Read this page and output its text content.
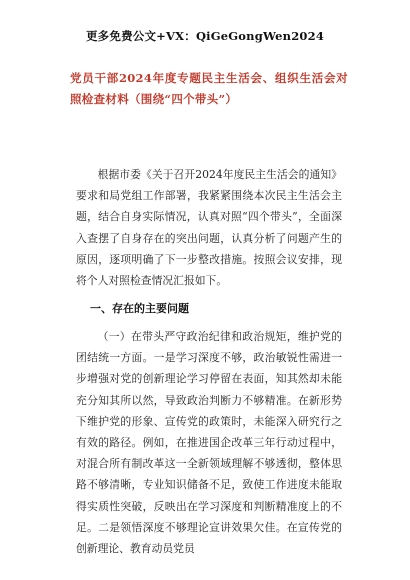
更多免费公文+VX：QiGeGongWen2024
党员干部2024年度专题民主生活会、组织生活会对照检查材料（围绕“四个带头”）
根据市委《关于召开2024年度民主生活会的通知》要求和局党组工作部署，我紧紧围绕本次民主生活会主题，结合自身实际情况，认真对照“四个带头”，全面深入查摆了自身存在的突出问题，认真分析了问题产生的原因，逐项明确了下一步整改措施。按照会议安排，现将个人对照检查情况汇报如下。
一、存在的主要问题
（一）在带头严守政治纪律和政治规矩，维护党的团结统一方面。一是学习深度不够，政治敏锐性需进一步增强对党的创新理论学习停留在表面，知其然却未能充分知其所以然，导致政治判断力不够精准。在新形势下维护党的形象、宣传党的政策时，未能深入研究行之有效的路径。例如，在推进国企改革三年行动过程中，对混合所有制改革这一全新领域理解不够透彻，整体思路不够清晰，专业知识储备不足，致使工作进度未能取得实质性突破，反映出在学习深度和判断精准度上的不足。二是领悟深度不够理论宣讲效果欠佳。在宣传党的创新理论、教育动员党员
